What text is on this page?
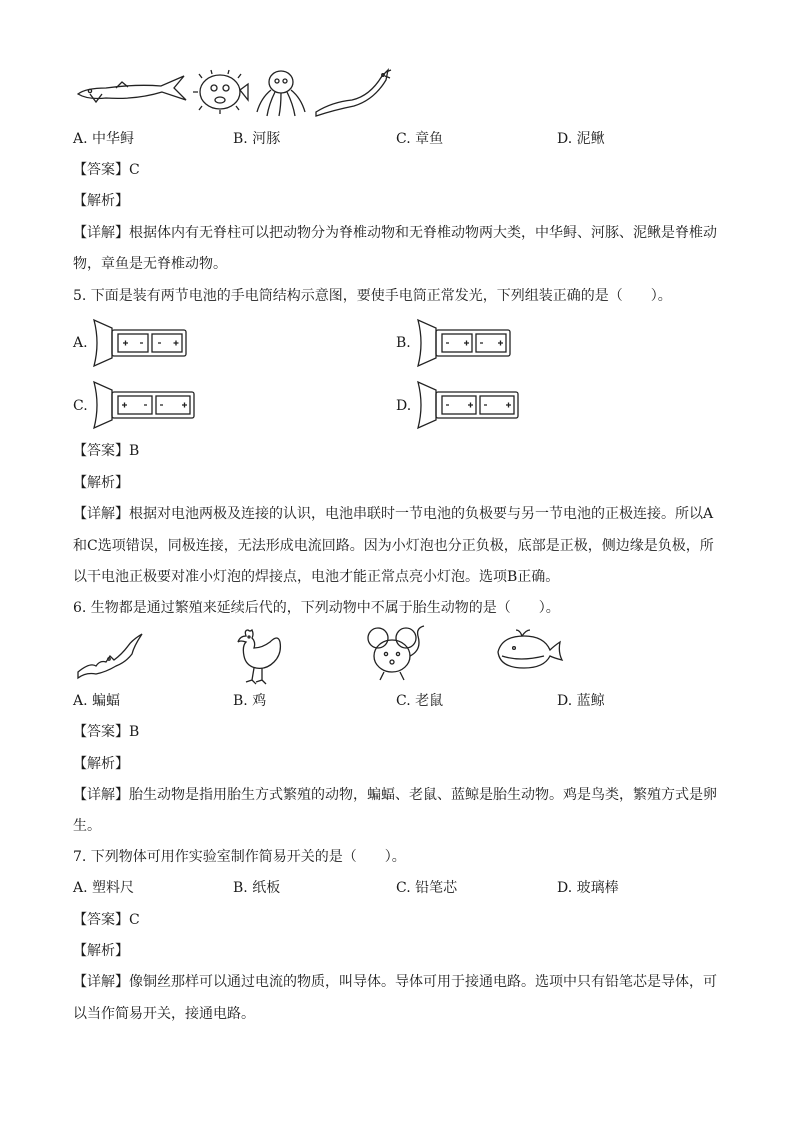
A. 中华鲟	B. 河豚	C. 章鱼	D. 泥鳅
【答案】C
【解析】
【详解】根据体内有无脊柱可以把动物分为脊椎动物和无脊椎动物两大类，中华鲟、河豚、泥鳅是脊椎动
物，章鱼是无脊椎动物。
5. 下面是装有两节电池的手电筒结构示意图，要使手电筒正常发光，下列组装正确的是（　　）。
A.	B.
C.	D.
【答案】B
【解析】
【详解】根据对电池两极及连接的认识，电池串联时一节电池的负极要与另一节电池的正极连接。所以A
和C选项错误，同极连接，无法形成电流回路。因为小灯泡也分正负极，底部是正极，侧边缘是负极，所
以干电池正极要对准小灯泡的焊接点，电池才能正常点亮小灯泡。选项B正确。
6. 生物都是通过繁殖来延续后代的，下列动物中不属于胎生动物的是（　　）。
A. 蝙蝠	B. 鸡	C. 老鼠	D. 蓝鲸
【答案】B
【解析】
【详解】胎生动物是指用胎生方式繁殖的动物，蝙蝠、老鼠、蓝鲸是胎生动物。鸡是鸟类，繁殖方式是卵
生。
7. 下列物体可用作实验室制作简易开关的是（　　）。
A. 塑料尺	B. 纸板	C. 铅笔芯	D. 玻璃棒
【答案】C
【解析】
【详解】像铜丝那样可以通过电流的物质，叫导体。导体可用于接通电路。选项中只有铅笔芯是导体，可
以当作简易开关，接通电路。
